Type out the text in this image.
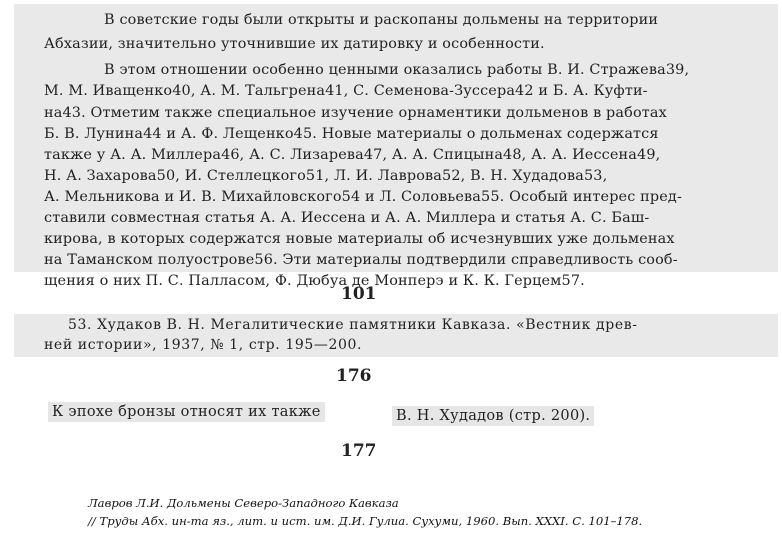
В советские годы были открыты и раскопаны дольмены на территории
Абхазии, значительно уточнившие их датировку и особенности.
В этом отношении особенно ценными оказались работы В. И. Стражева39,
М. М. Иващенко40, А. М. Тальгрена41, С. Семенова-Зуссера42 и Б. А. Куфти-
на43. Отметим также специальное изучение орнаментики дольменов в работах
Б. В. Лунина44 и А. Ф. Лещенко45. Новые материалы о дольменах содержатся
также у А. А. Миллера46, А. С. Лизарева47, А. А. Спицына48, А. А. Иессена49,
Н. А. Захарова50, И. Стеллецкого51, Л. И. Лаврова52, В. Н. Худадова53,
А. Мельникова и И. В. Михайловского54 и Л. Соловьева55. Особый интерес пред-
ставили совместная статья А. А. Иессена и А. А. Миллера и статья А. С. Баш-
кирова, в которых содержатся новые материалы об исчезнувших уже дольменах
на Таманском полуострове56. Эти материалы подтвердили справедливость сооб-
щения о них П. С. Палласом, Ф. Дюбуа де Монперэ и К. К. Герцем57.
101
53. Худаков В. Н. Мегалитические памятники Кавказа. «Вестник древ-
ней истории», 1937, № 1, стр. 195—200.
176
К эпохе бронзы относят их также	В. Н. Худадов (стр. 200).
177
Лавров Л.И. Дольмены Северо-Западного Кавказа
// Труды Абх. ин-та яз., лит. и ист. им. Д.И. Гулиа. Сухуми, 1960. Вып. XXXI. С. 101–178.
